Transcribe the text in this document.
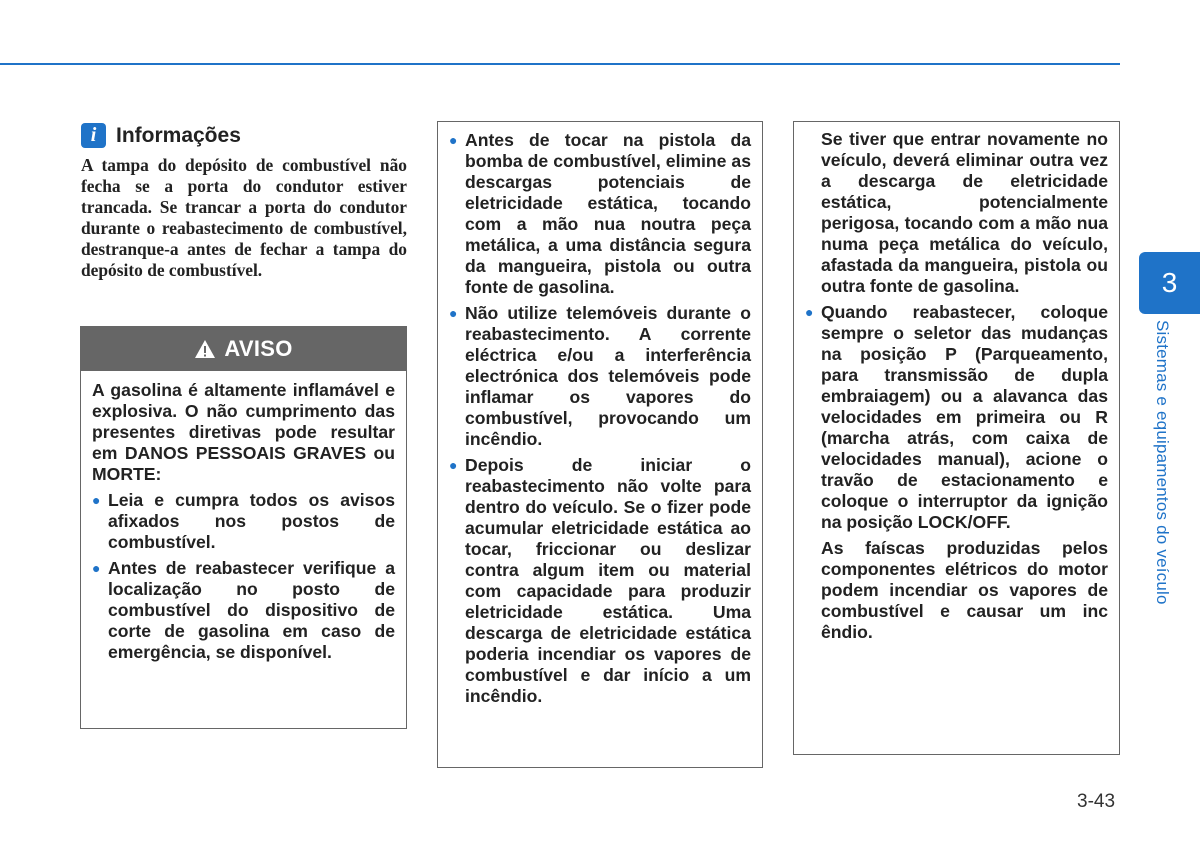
i Informações

A tampa do depósito de combustível não fecha se a porta do condutor estiver trancada. Se trancar a porta do condutor durante o reabastecimento de combustível, destranque-a antes de fechar a tampa do depósito de combustível.

AVISO

A gasolina é altamente inflamável e explosiva. O não cumprimento das presentes diretivas pode resultar em DANOS PESSOAIS GRAVES ou MORTE:

● Leia e cumpra todos os avisos afixados nos postos de combustível.

● Antes de reabastecer verifique a localização no posto de combustível do dispositivo de corte de gasolina em caso de emergência, se disponível.

● Antes de tocar na pistola da bomba de combustível, elimine as descargas potenciais de eletricidade estática, tocando com a mão nua noutra peça metálica, a uma distância segura da mangueira, pistola ou outra fonte de gasolina.

● Não utilize telemóveis durante o reabastecimento. A corrente eléctrica e/ou a interferência electrónica dos telemóveis pode inflamar os vapores do combustível, provocando um incêndio.

● Depois de iniciar o reabastecimento não volte para dentro do veículo. Se o fizer pode acumular eletricidade estática ao tocar, friccionar ou deslizar contra algum item ou material com capacidade para produzir eletricidade estática. Uma descarga de eletricidade estática poderia incendiar os vapores de combustível e dar início a um incêndio.

Se tiver que entrar novamente no veículo, deverá eliminar outra vez a descarga de eletricidade estática, potencialmente perigosa, tocando com a mão nua numa peça metálica do veículo, afastada da mangueira, pistola ou outra fonte de gasolina.

● Quando reabastecer, coloque sempre o seletor das mudanças na posição P (Parqueamento, para transmissão de dupla embraiagem) ou a alavanca das velocidades em primeira ou R (marcha atrás, com caixa de velocidades manual), acione o travão de estacionamento e coloque o interruptor da ignição na posição LOCK/OFF.

As faíscas produzidas pelos componentes elétricos do motor podem incendiar os vapores de combustível e causar um inc êndio.

3
Sistemas e equipamentos do veículo
3-43
